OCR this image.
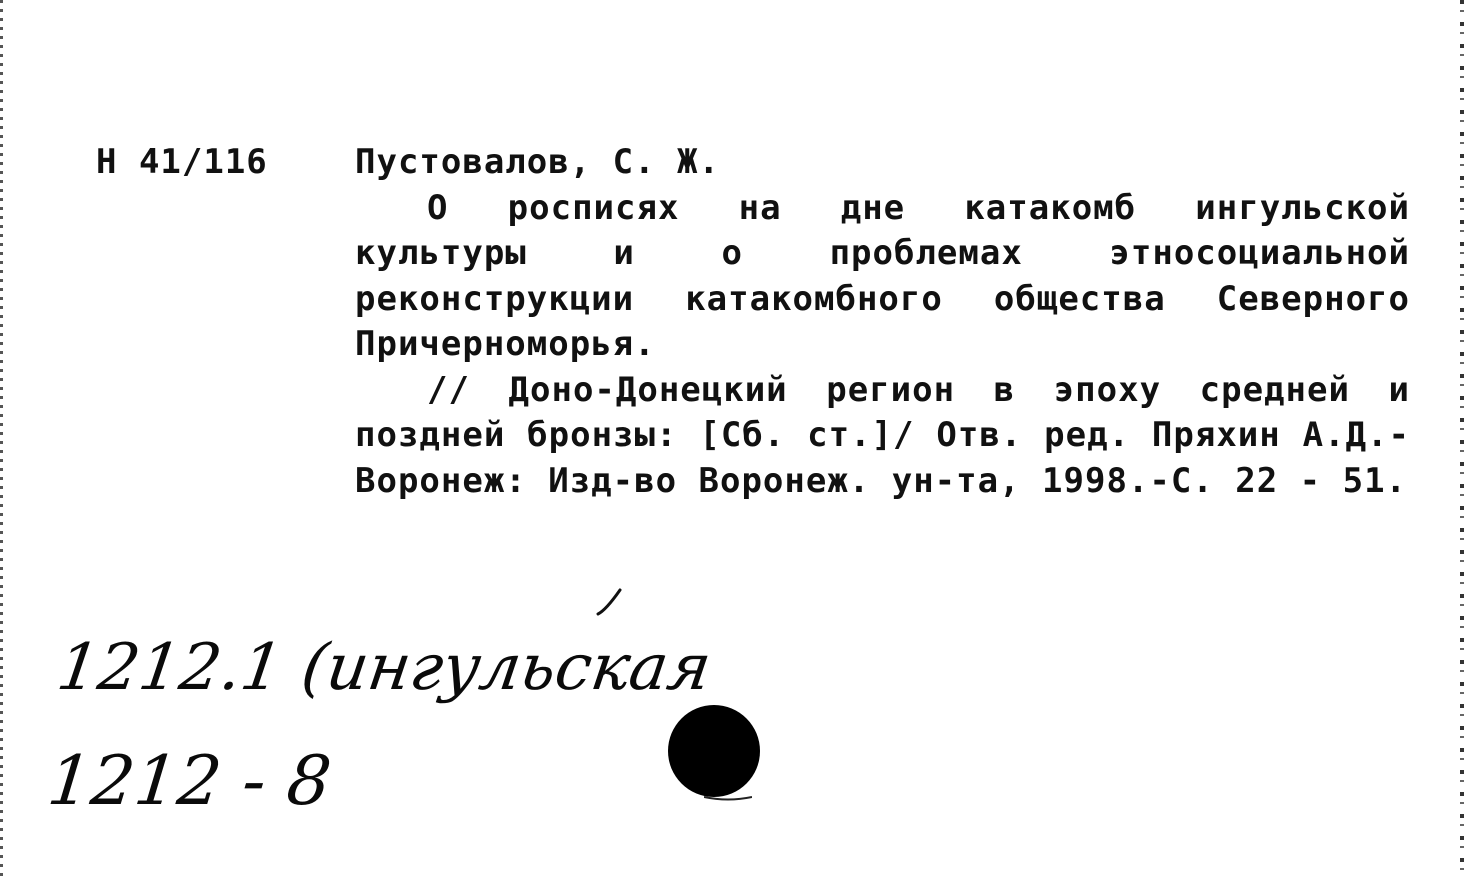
Н 41/116	Пустовалов, С. Ж.

О росписях на дне катакомб ингульской культуры и о проблемах этносоциальной реконструкции катакомбного общества Северного Причерноморья.

// Доно-Донецкий регион в эпоху средней и поздней бронзы: [Сб. ст.]/ Отв. ред. Пряхин А.Д.- Воронеж: Изд-во Воронеж. ун-та, 1998.-С. 22 - 51.

1212.1 (ингульская
1212 - 8
